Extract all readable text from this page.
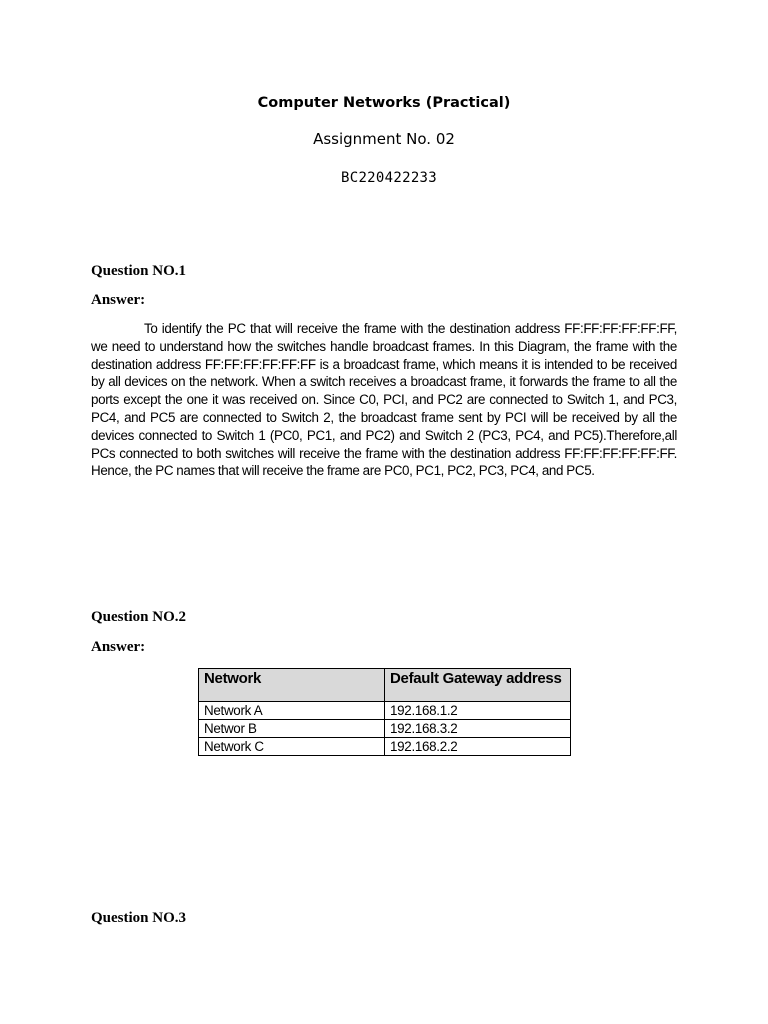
Computer Networks (Practical)
Assignment No. 02
BC220422233
Question NO.1
Answer:

To identify the PC that will receive the frame with the destination address FF:FF:FF:FF:FF:FF, we need to understand how the switches handle broadcast frames. In this Diagram, the frame with the destination address FF:FF:FF:FF:FF:FF is a broadcast frame, which means it is intended to be received by all devices on the network. When a switch receives a broadcast frame, it forwards the frame to all the ports except the one it was received on. Since C0, PCI, and PC2 are connected to Switch 1, and PC3, PC4, and PC5 are connected to Switch 2, the broadcast frame sent by PCI will be received by all the devices connected to Switch 1 (PC0, PC1, and PC2) and Switch 2 (PC3, PC4, and PC5).Therefore,all PCs connected to both switches will receive the frame with the destination address FF:FF:FF:FF:FF:FF. Hence, the PC names that will receive the frame are PC0, PC1, PC2, PC3, PC4, and PC5.

Question NO.2
Answer:
Network	Default Gateway address
Network A	192.168.1.2
Networ B	192.168.3.2
Network C	192.168.2.2
Question NO.3
